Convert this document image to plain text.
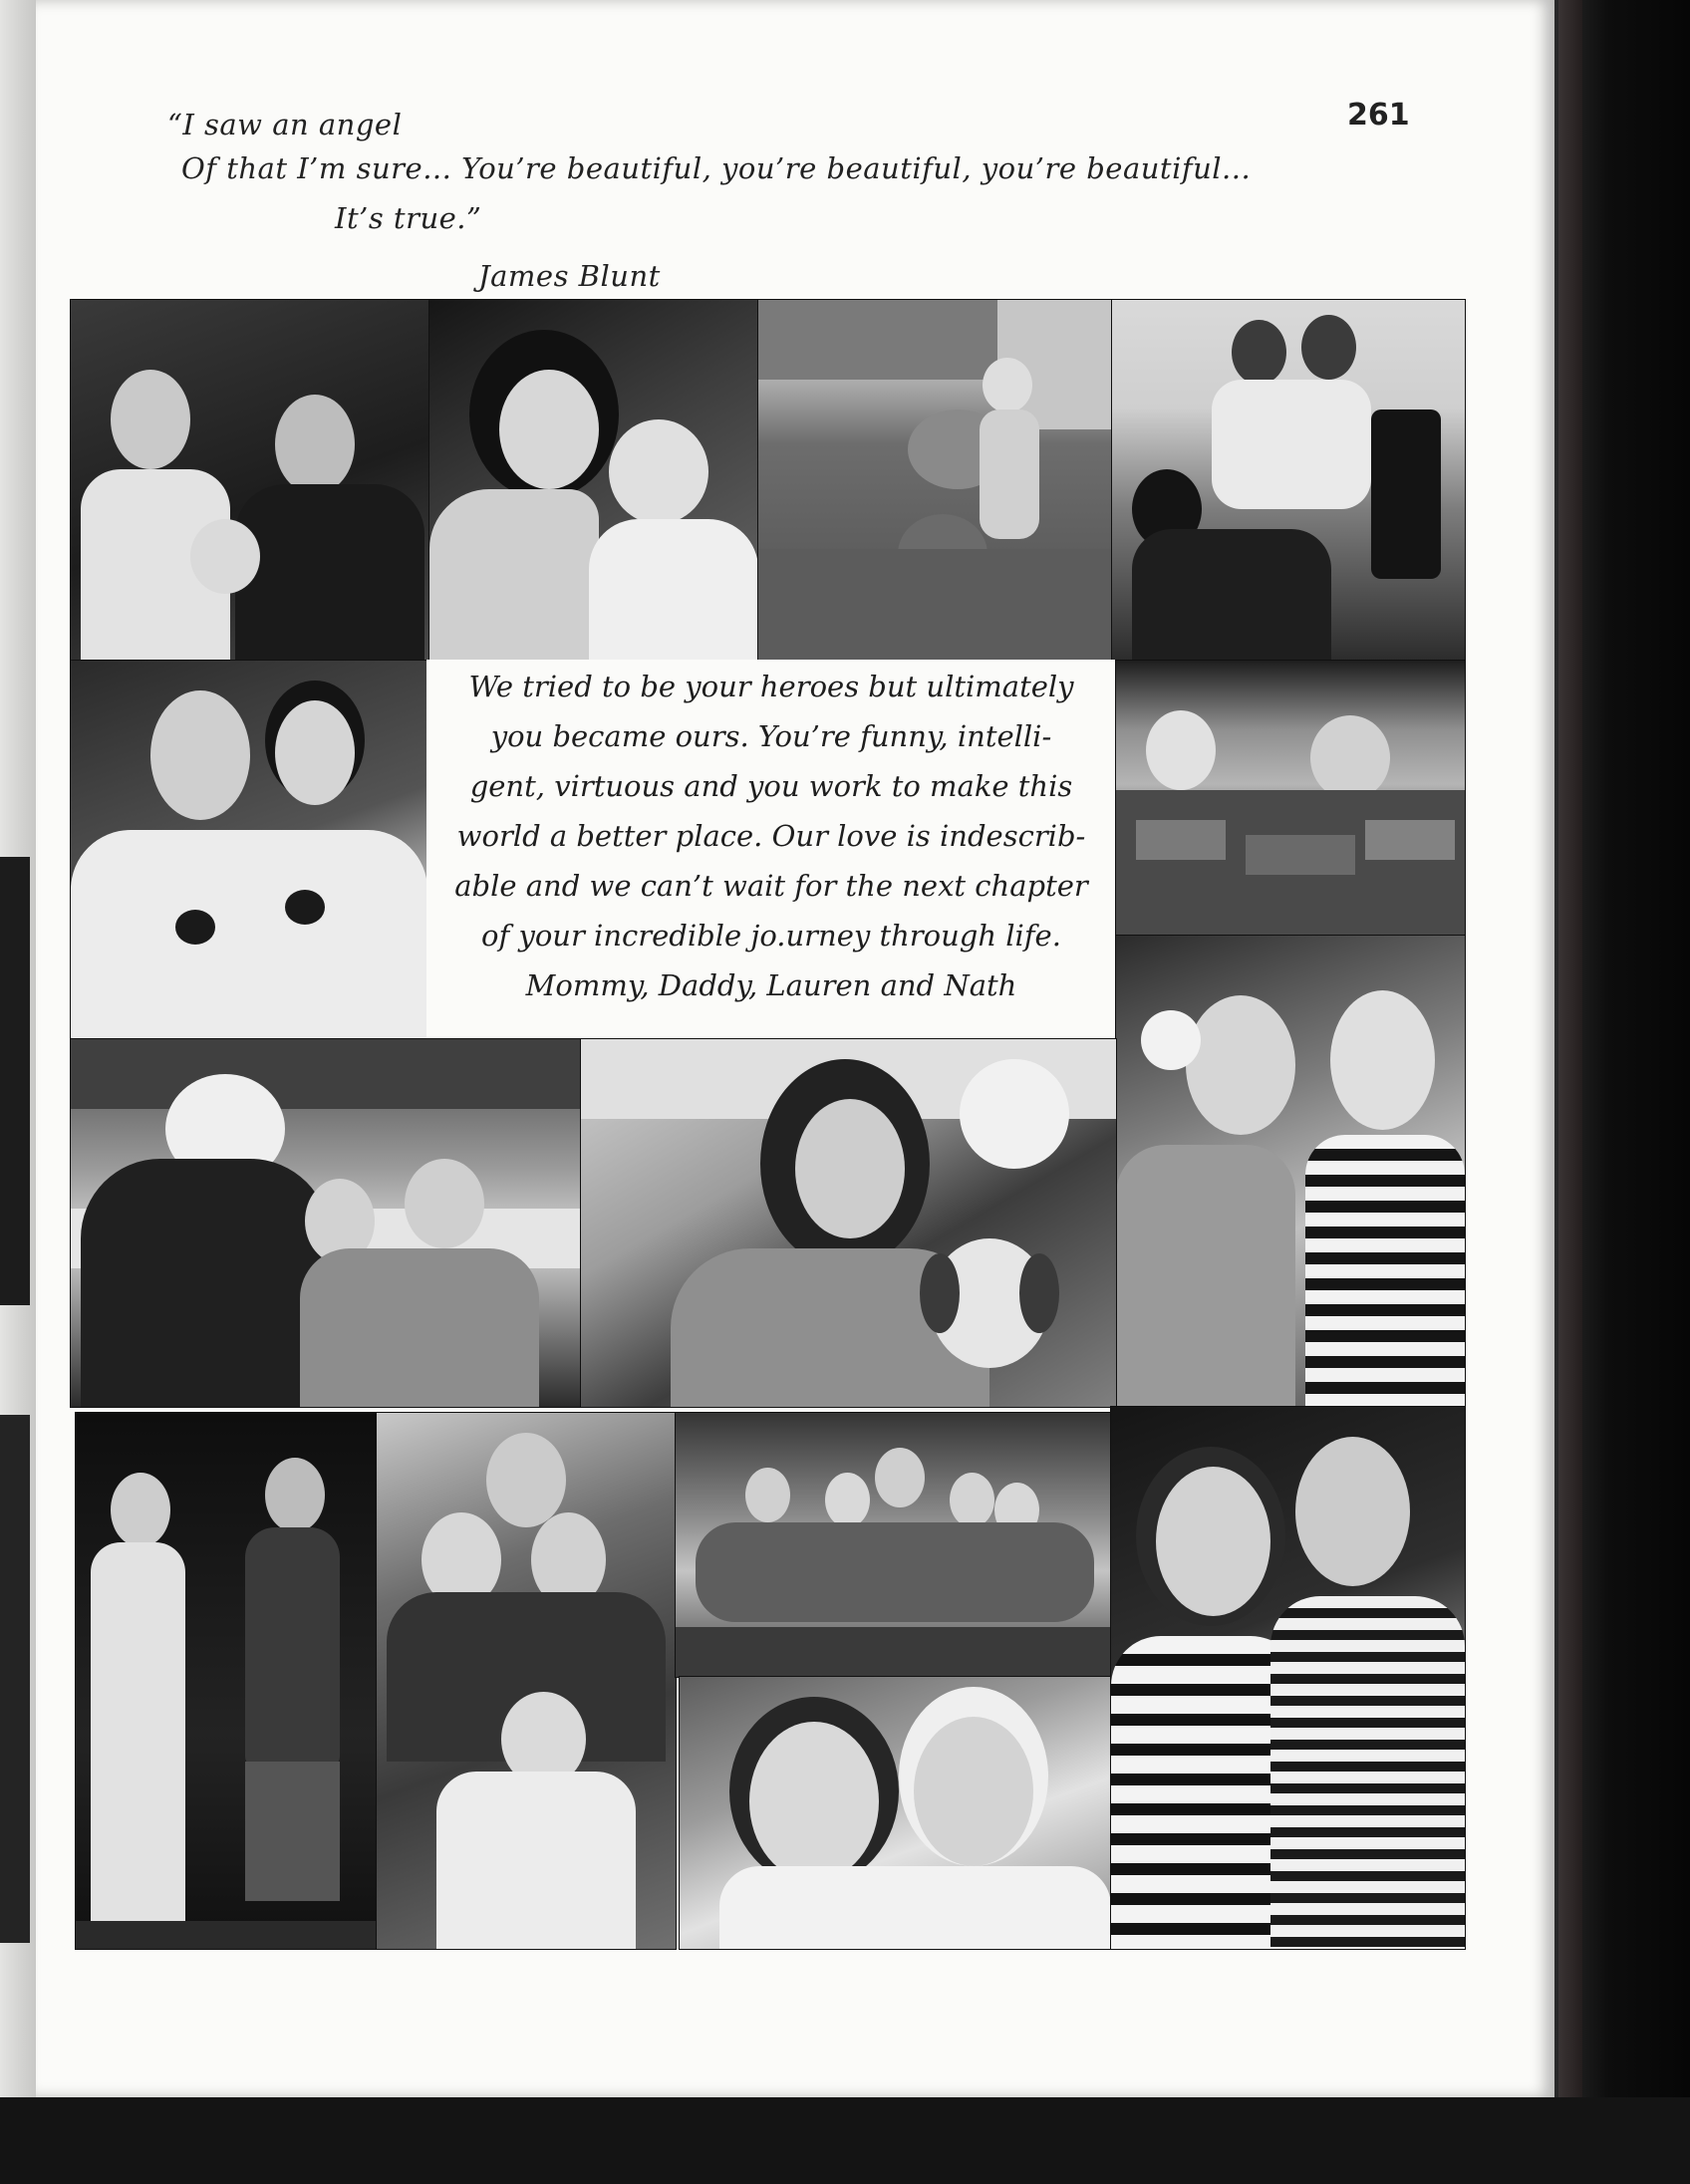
261
“I saw an angel
Of that I’m sure... You’re beautiful, you’re beautiful, you’re beautiful...
It’s true.”
James Blunt
We tried to be your heroes but ultimately
you became ours. You’re funny, intelli-
gent, virtuous and you work to make this
world a better place. Our love is indescrib-
able and we can’t wait for the next chapter
of your incredible jo.urney through life.
Mommy, Daddy, Lauren and Nath
